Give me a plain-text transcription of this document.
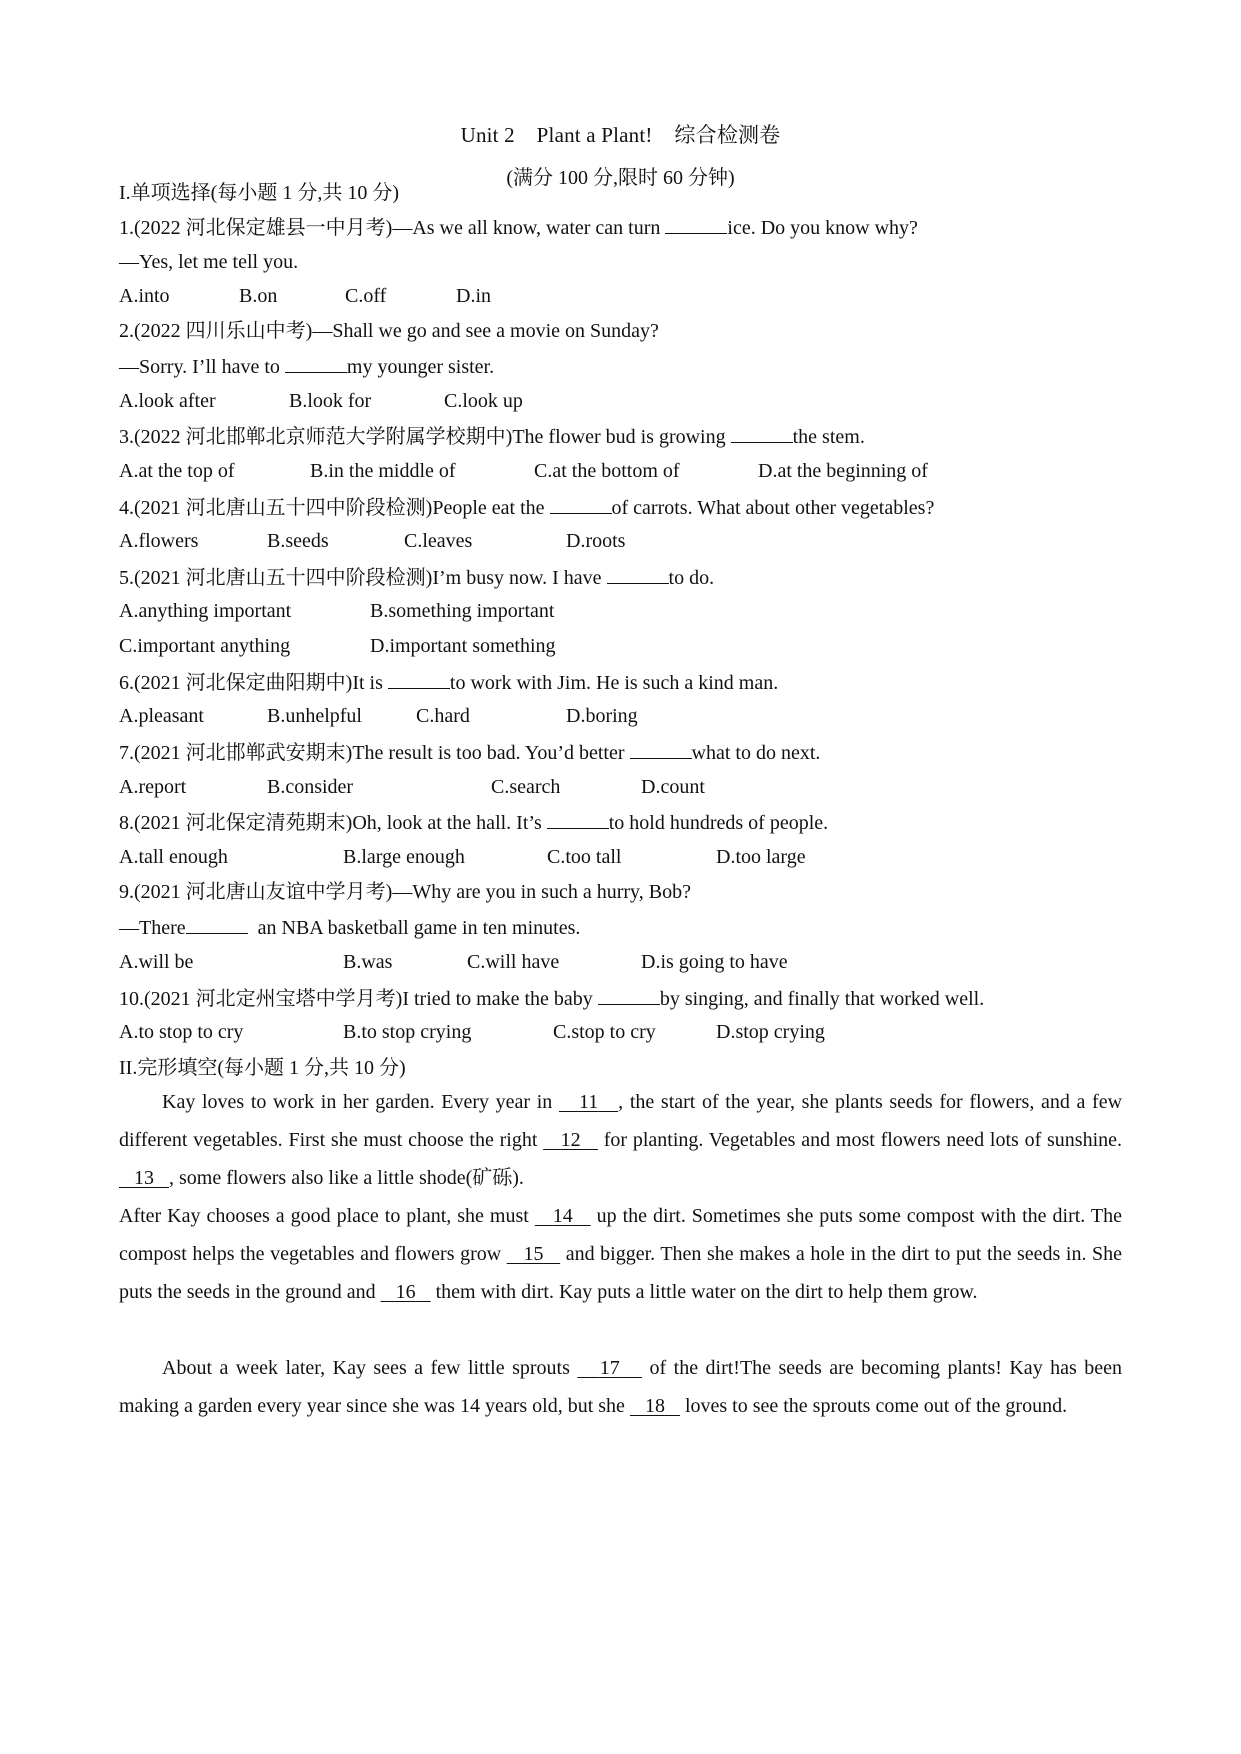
Unit 2    Plant a Plant!    综合检测卷
(满分 100 分,限时 60 分钟)
I.单项选择(每小题 1 分,共 10 分)
1.(2022 河北保定雄县一中月考)—As we all know, water can turn	ice. Do you know why?
—Yes, let me tell you.
A.into	B.on	C.off	D.in
2.(2022 四川乐山中考)—Shall we go and see a movie on Sunday?
—Sorry. I’ll have to	my younger sister.
A.look after	B.look for	C.look up
3.(2022 河北邯郸北京师范大学附属学校期中)The flower bud is growing	the stem.
A.at the top of	B.in the middle of	C.at the bottom of	D.at the beginning of
4.(2021 河北唐山五十四中阶段检测)People eat the	of carrots. What about other vegetables?
A.flowers	B.seeds	C.leaves	D.roots
5.(2021 河北唐山五十四中阶段检测)I’m busy now. I have	to do.
A.anything important	B.something important
C.important anything	D.important something
6.(2021 河北保定曲阳期中)It is	to work with Jim. He is such a kind man.
A.pleasant	B.unhelpful	C.hard	D.boring
7.(2021 河北邯郸武安期末)The result is too bad. You’d better	what to do next.
A.report	B.consider	C.search	D.count
8.(2021 河北保定清苑期末)Oh, look at the hall. It’s	to hold hundreds of people.
A.tall enough	B.large enough	C.too tall	D.too large
9.(2021 河北唐山友谊中学月考)—Why are you in such a hurry, Bob?
—There	an NBA basketball game in ten minutes.
A.will be	B.was	C.will have	D.is going to have
10.(2021 河北定州宝塔中学月考)I tried to make the baby	by singing, and finally that worked well.
A.to stop to cry	B.to stop crying	C.stop to cry	D.stop crying
II.完形填空(每小题 1 分,共 10 分)
Kay loves to work in her garden. Every year in    11 , the start of the year, she plants seeds for flowers, and a few different vegetables. First she must choose the right    12    for planting. Vegetables and most flowers need lots of sunshine.    13 , some flowers also like a little shode(矿砾).
After Kay chooses a good place to plant, she must    14    up the dirt. Sometimes she puts some compost with the dirt. The compost helps the vegetables and flowers grow    15    and bigger. Then she makes a hole in the dirt to put the seeds in. She puts the seeds in the ground and    16    them with dirt. Kay puts a little water on the dirt to help them grow.
About a week later, Kay sees a few little sprouts    17    of the dirt!The seeds are becoming plants! Kay has been making a garden every year since she was 14 years old, but she    18    loves to see the sprouts come out of the ground.
